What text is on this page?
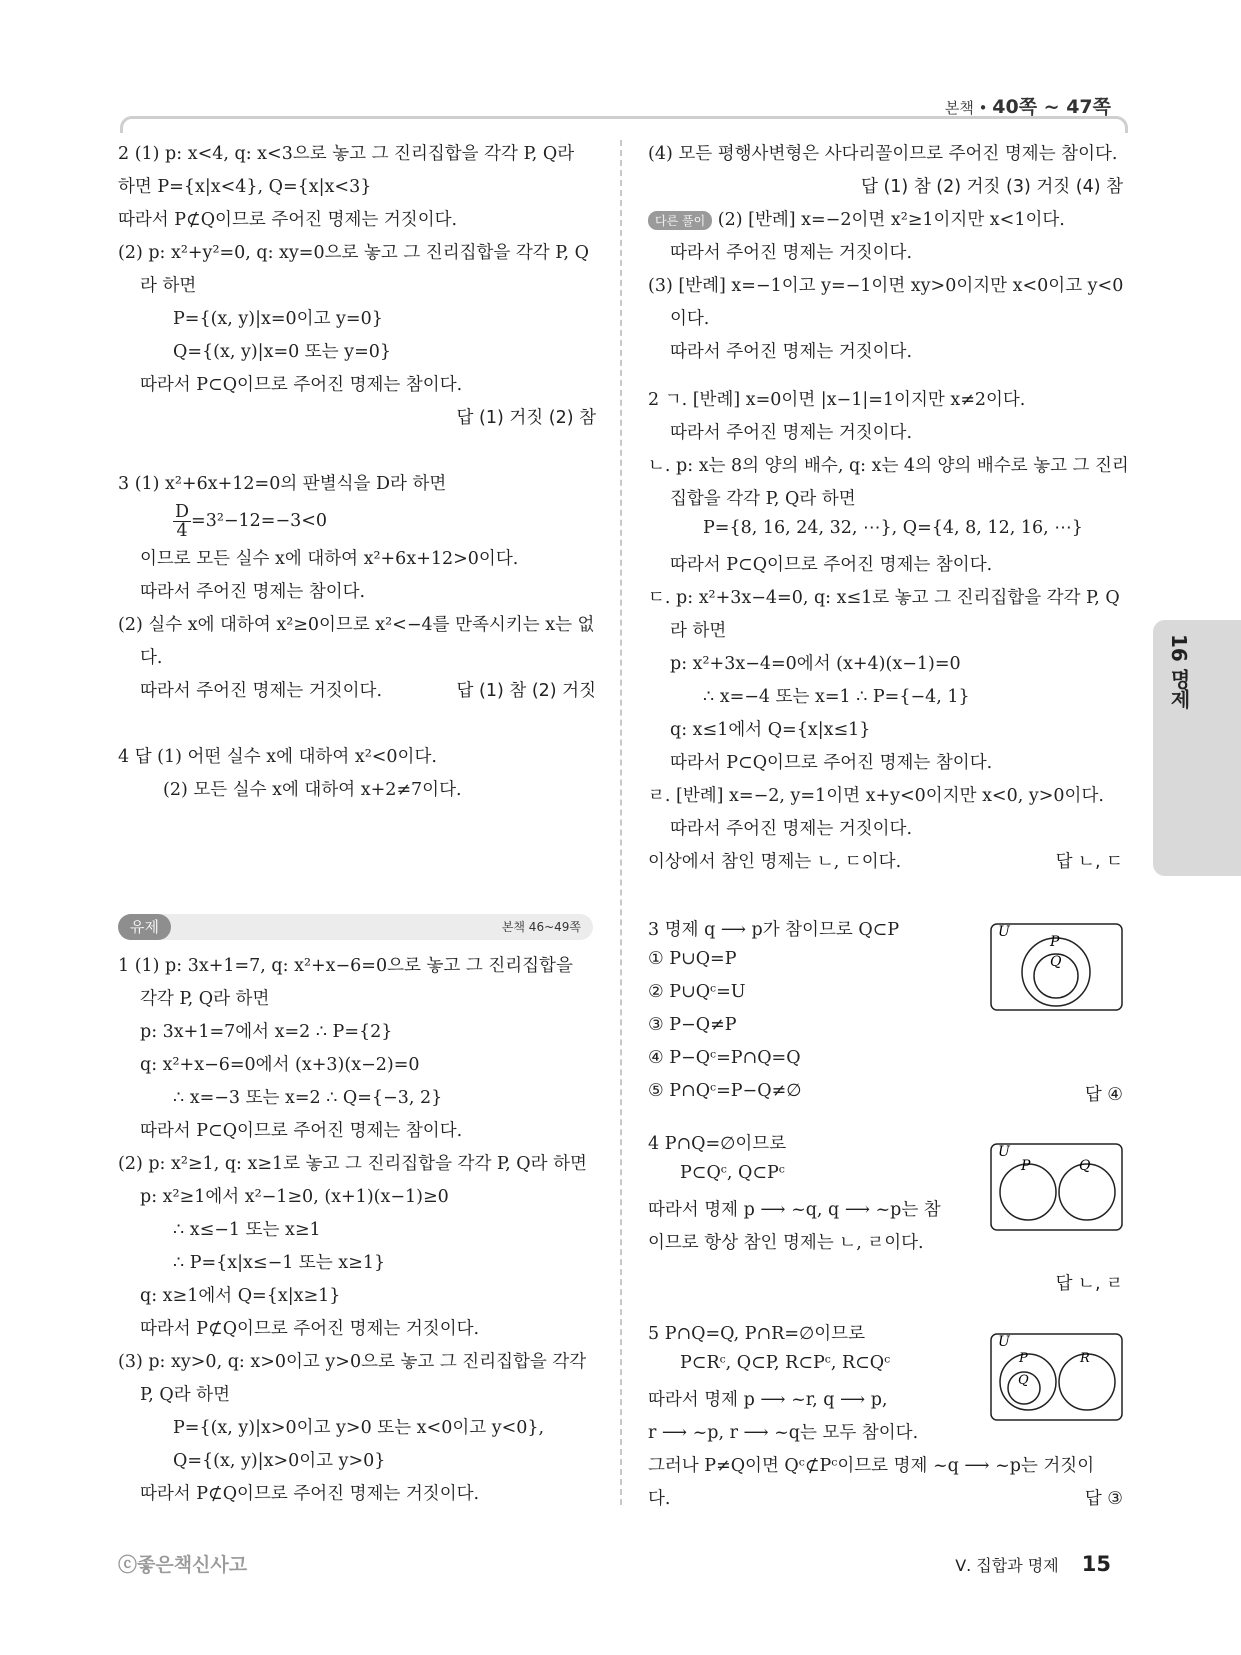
본책 • 40쪽 ~ 47쪽
2 (1) p: x<4, q: x<3으로 놓고 그 진리집합을 각각 P, Q라
하면 P={x|x<4}, Q={x|x<3}
따라서 P⊄Q이므로 주어진 명제는 거짓이다.
(2) p: x²+y²=0, q: xy=0으로 놓고 그 진리집합을 각각 P, Q
라 하면
P={(x, y)|x=0이고 y=0}
Q={(x, y)|x=0 또는 y=0}
따라서 P⊂Q이므로 주어진 명제는 참이다.
답 (1) 거짓 (2) 참
3 (1) x²+6x+12=0의 판별식을 D라 하면
$\frac{D}{4} =3^2-12=-3<0$
이므로 모든 실수 x에 대하여 x²+6x+12>0이다.
따라서 주어진 명제는 참이다.
(2) 실수 x에 대하여 x²≥0이므로 x²<−4를 만족시키는 x는 없
다.
따라서 주어진 명제는 거짓이다.	답 (1) 참 (2) 거짓
4 답 (1) 어떤 실수 x에 대하여 x²<0이다.
(2) 모든 실수 x에 대하여 x+2≠7이다.
유제	본책 46~49쪽
1 (1) p: 3x+1=7, q: x²+x−6=0으로 놓고 그 진리집합을
각각 P, Q라 하면
p: 3x+1=7에서 x=2 ∴ P={2}
q: x²+x−6=0에서 (x+3)(x−2)=0
∴ x=−3 또는 x=2 ∴ Q={−3, 2}
따라서 P⊂Q이므로 주어진 명제는 참이다.
(2) p: x²≥1, q: x≥1로 놓고 그 진리집합을 각각 P, Q라 하면
p: x²≥1에서 x²−1≥0, (x+1)(x−1)≥0
∴ x≤−1 또는 x≥1
∴ P={x|x≤−1 또는 x≥1}
q: x≥1에서 Q={x|x≥1}
따라서 P⊄Q이므로 주어진 명제는 거짓이다.
(3) p: xy>0, q: x>0이고 y>0으로 놓고 그 진리집합을 각각
P, Q라 하면
P={(x, y)|x>0이고 y>0 또는 x<0이고 y<0},
Q={(x, y)|x>0이고 y>0}
따라서 P⊄Q이므로 주어진 명제는 거짓이다.
(4) 모든 평행사변형은 사다리꼴이므로 주어진 명제는 참이다.
답 (1) 참 (2) 거짓 (3) 거짓 (4) 참
다른 풀이 (2) [반례] x=−2이면 x²≥1이지만 x<1이다.
따라서 주어진 명제는 거짓이다.
(3) [반례] x=−1이고 y=−1이면 xy>0이지만 x<0이고 y<0
이다.
따라서 주어진 명제는 거짓이다.
2 ㄱ. [반례] x=0이면 |x−1|=1이지만 x≠2이다.
따라서 주어진 명제는 거짓이다.
ㄴ. p: x는 8의 양의 배수, q: x는 4의 양의 배수로 놓고 그 진리
집합을 각각 P, Q라 하면
P={8, 16, 24, 32, ⋯}, Q={4, 8, 12, 16, ⋯}
따라서 P⊂Q이므로 주어진 명제는 참이다.
ㄷ. p: x²+3x−4=0, q: x≤1로 놓고 그 진리집합을 각각 P, Q
라 하면
p: x²+3x−4=0에서 (x+4)(x−1)=0
∴ x=−4 또는 x=1 ∴ P={−4, 1}
q: x≤1에서 Q={x|x≤1}
따라서 P⊂Q이므로 주어진 명제는 참이다.
ㄹ. [반례] x=−2, y=1이면 x+y<0이지만 x<0, y>0이다.
따라서 주어진 명제는 거짓이다.
이상에서 참인 명제는 ㄴ, ㄷ이다.	답 ㄴ, ㄷ
3 명제 q ⟶ p가 참이므로 Q⊂P
① P∪Q=P
② P∪Qᶜ=U
③ P−Q≠P
④ P−Qᶜ=P∩Q=Q
⑤ P∩Qᶜ=P−Q≠∅	답 ④
4 P∩Q=∅이므로
P⊂Qᶜ, Q⊂Pᶜ
따라서 명제 p ⟶ ~q, q ⟶ ~p는 참
이므로 항상 참인 명제는 ㄴ, ㄹ이다.
답 ㄴ, ㄹ
5 P∩Q=Q, P∩R=∅이므로
P⊂Rᶜ, Q⊂P, R⊂Pᶜ, R⊂Qᶜ
따라서 명제 p ⟶ ~r, q ⟶ p,
r ⟶ ~p, r ⟶ ~q는 모두 참이다.
그러나 P≠Q이면 Qᶜ⊄Pᶜ이므로 명제 ~q ⟶ ~p는 거짓이
다.	답 ③
U
P
Q
U
P	Q
U
P
Q
R
16 명제
ⓒ좋은책신사고	Ⅴ. 집합과 명제 15
